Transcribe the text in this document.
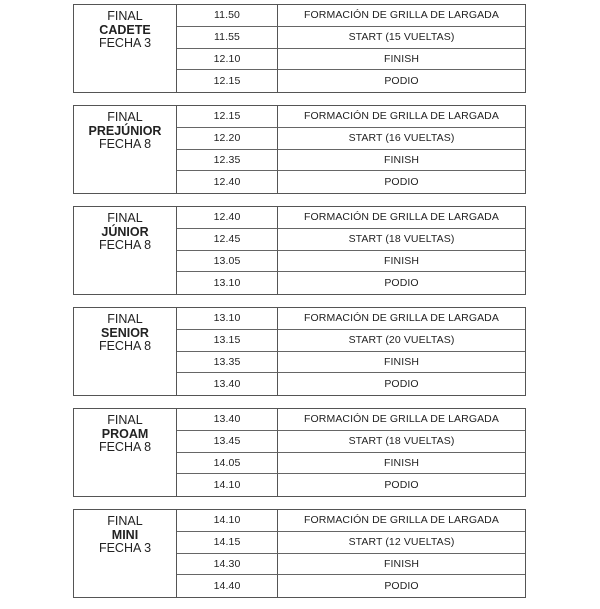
FINAL
CADETE
FECHA 3
11.50	FORMACIÓN DE GRILLA DE LARGADA
11.55	START (15 VUELTAS)
12.10	FINISH
12.15	PODIO
FINAL
PREJÚNIOR
FECHA 8
12.15	FORMACIÓN DE GRILLA DE LARGADA
12.20	START (16 VUELTAS)
12.35	FINISH
12.40	PODIO
FINAL
JÚNIOR
FECHA 8
12.40	FORMACIÓN DE GRILLA DE LARGADA
12.45	START (18 VUELTAS)
13.05	FINISH
13.10	PODIO
FINAL
SENIOR
FECHA 8
13.10	FORMACIÓN DE GRILLA DE LARGADA
13.15	START (20 VUELTAS)
13.35	FINISH
13.40	PODIO
FINAL
PROAM
FECHA 8
13.40	FORMACIÓN DE GRILLA DE LARGADA
13.45	START (18 VUELTAS)
14.05	FINISH
14.10	PODIO
FINAL
MINI
FECHA 3
14.10	FORMACIÓN DE GRILLA DE LARGADA
14.15	START (12 VUELTAS)
14.30	FINISH
14.40	PODIO
